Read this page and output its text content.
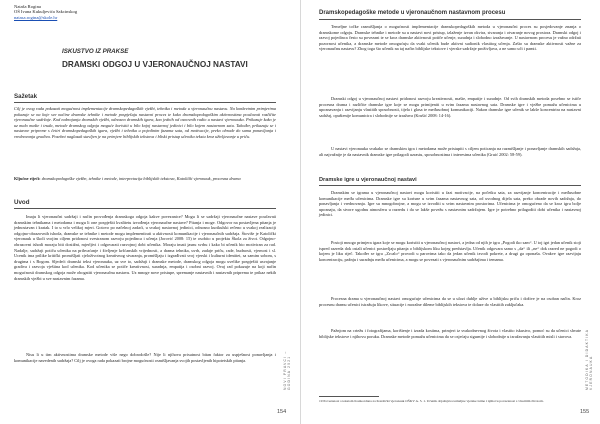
Nataša Rogina
OŠ Ivana Kukuljevića Sakcinskog
natasa.rogina@skole.hr
ISKUSTVO IZ PRAKSE
DRAMSKI ODGOJ U VJERONAUČNOJ NASTAVI
Sažetak
Cilj je ovog rada pokazati mogućnost implementacije dramskopedagoških vježbi, tehnika i metoda u vjeronaučnu nastavu. Na konkretnim primjerima pokazuje se na koje sve načine dramske tehnike i metode pospješuju nastavni proces te kako dramskopedagoškim aktivnostima poučavati različite vjeronaučne sadržaje. Kod nabrajanja dramskih vježbi, odnosno dramskih igara, kao jednih od osnovnih radio u nastavi vjeronauka. Prikazuje kako je uz malo mašte i truda, metode dramskog odgoja moguće koristiti u bilo kojoj nastavnoj jedinici i bilo kojem nastavnom satu. Također, prikazuju se i nastavne pripreme s četiri dramskopedagoških igara, vježbi i tehnika u pojedinim fazama sata, od motivacije, preko obrade do sama ponavljanja i vrednovanja gradiva. Posebni naglasak stavljen je na primjere biblijskih tekstova i bliski pristup učenika tekstu kroz uživljavanje u priču.
Ključne riječi: dramskopedagoške vježbe, tehnike i metode, interpretacija biblijskih tekstova, Katolički vjeronauk, procesna drama
Uvod
Imaju li vjeronaučni sadržaji i način provođenja dramskoga odgoja kakve povezanice? Mogu li se sadržaji vjeronaučne nastave poučavati dramskim tehnikama i metodama i mogu li one pospješiti kvalitetu izvođenja vjeronaučne nastave? Pitanja i moge. Odgovor na postavljena pitanja je jednostavan i kratak. I to u vrlo velikoj mjeri. Gotovo po načelnoj zadaći, u svakoj nastavnoj jedinici, odnosno kurikulski rečeno u svakoj realizaciji odgojno-obrazovnih ishoda, dramske se tehnike i metode mogu implementirati u aktivnosti komunikacije i vjeronaučnih sadržaja. Štoviše je Katolički vjeronauk u školi svojim ciljem pridonosi svestranom razvoju pojedinca i učenja (Jorović 2008: 15) te osobito u projektu Škola za život. Odgojno-obrazovni ishodi moraju biti dostižni, mjerljivi i odgovarati razvojnoj dobi učenika. Moraju imati jasnu svrhu i kako bi učenik bio motiviran za rad. Nadalje, sadržaji potiču učenika na prihvaćanje i življenje kršćanskih vrijednosti, a drama tehnika, uvrh, zadaje priču, rade, budnosti, vjernost i sl. Ucenik ima prilike kritički promišljati cjeloživotnog kreativnog stvaranja, promišljaju i izgrađivati svoj vjerski i kulturni identitet, sa samim sobom, s drugima i s Bogom. Sljedeći dramski tekst vjeronauka, uz sve to, sadržaji i dramske metode, dramskog odgoja mogu uvelike pospješiti usvajanje gradiva i razvoja vještina kod učenika. Kod učenika se potiče kreativnost, suradnja, empatija i osobni razvoj. Ovaj rad pokazuje na koji način mogućnosti dramskog odgoja može obogatiti vjeronaučnu nastavu. Uz mnoge nove pristupe, spremanje nastavnih i nastavnih priprema te prikaz nekih dramskih vježbi u sve nastavnim fazama.
Nisu li u tim aktivnostima dramske metode više nego dobrodošle? Nije li njihova prisutnost bitan faktor za uspješnost ponavljanja i komunikacije navedenih sadržaja? Cilj je ovoga rada pokazati brojne mogućnosti osmišljavanja svojih postavljenih hipotetskih pitanja.	NOVI PRAVCI – GODINA 2021
154
Dramskopedagoške metode u vjeronaučnom nastavnom procesu
Temeljne točke razmišljanja o mogućnosti implementacije dramskopedagoških metoda u vjeronaučni proces su posjedovanje znanja o dramskome odgoju. Dramske tehnike i metode su u nastavi novi pristup, izlaženje izvan okvira, stvaranja i otvaranje novog prostora. Dramski odgoj i razvoj pojedinca često su povezani te se kroz dramske aktivnosti potiče učenje, suradnja i slobodno izražavanje. U nastavnom procesu je važno održati pozornost učenika, a dramske metode omogućuju da svaki učenik bude aktivni sudionik vlastitog učenja. Zašto su dramske aktivnosti važne za vjeronaučnu nastavu? Zbog toga što učenik na taj način biblijske tekstove i vjerske sadržaje proživljava, a ne samo uči i pamti.
Dramski odgoj u vjeronaučnoj nastavi pridonosi razvoju kreativnosti, mašte, empatije i suradnje. Od svih dramskih metoda posebno se ističe procesna drama i različite dramske igre koje se mogu primijeniti u svim fazama nastavnog sata. Dramske igre i vježbe pomažu učenicima u upoznavanju i razvijanju vlastitih sposobnosti, tijela i glasa te međusobnoj komunikaciji. Nakon dramske igre učenik se lakše koncentrira na nastavni sadržaj, opuštenije komunicira i slobodnije se izražava (Krušić 2008: 14-16).
U nastavi vjeronauka svakako se dramskim igra i metodama može pristupiti s ciljem poticanja na razmišljanje i ponavljanje dramskih sadržaja, ali najvažnije je da nastavnik dramske igre prilagodi uzrastu, sposobnostima i interesima učenika (Gruić 2002: 58-59).
Dramske igre u vjeronaučnoj nastavi
Dramskim se igrama u vjeronaučnoj nastavi mogu koristiti u fazi motivacije, na početku sata, za razvijanje koncentracije i međusobne komunikacije među učenicima. Dramske igre su korisne u svim fazama nastavnog sata, od uvodnog dijela sata, preko obrade novih sadržaja, do ponavljanja i vrednovanja. Igre su mnogobrojne, a mogu se izvoditi u svim nastavnim prostorima. Učenicima je omogućeno da se kroz igru bolje upoznaju, da stvore ugodnu atmosferu u razredu i da se lakše povežu s nastavnim sadržajem. Igre je potrebno prilagoditi dobi učenika i nastavnoj jedinici.
Postoji mnogo primjera igara koje se mogu koristiti u vjeronaučnoj nastavi, a jedna od njih je igra „Pogodi tko sam“. U toj igri jedan učenik stoji ispred razreda dok ostali učenici postavljaju pitanja o biblijskom liku kojeg predstavlja. Učenik odgovara samo s „da“ ili „ne“ dok razred ne pogodi o kojem je liku riječ. Također se igra „Zrcalo“ provodi u parovima tako da jedan učenik izvodi pokrete, a drugi ga oponaša. Ovakve igre razvijaju koncentraciju, pažnju i suradnju među učenicima, a mogu se povezati s vjeronaučnim sadržajima i temama.
Procesna drama u vjeronaučnoj nastavi omogućuje učenicima da se u ulozi dublje užive u biblijsku priču i dožive je na osoban način. Kroz procesnu dramu učenici istražuju likove, situacije i moralne dileme biblijskih tekstova te dolaze do vlastitih zaključaka.
Pažnjom na crtežu i fotografijama, korištenje i izrada kostima, primjeri iz svakodnevnog života i vlastito iskustvo, pomoć su da učenici shvate biblijske tekstove i njihovu poruku. Dramske metode pomažu učenicima da se osjećaju sigurnije i slobodnije u izražavanju vlastitih misli i stavova.
19 Povezanost s tekstom Konkordana za Katolički vjeronauk OŠKV A. 5. 1. Učenik objašnjava temeljne vjerske istine i njihovu povezanost s vlastitim životom.
METODIKA I DIDAKTIKA VJERONAUKA
155
